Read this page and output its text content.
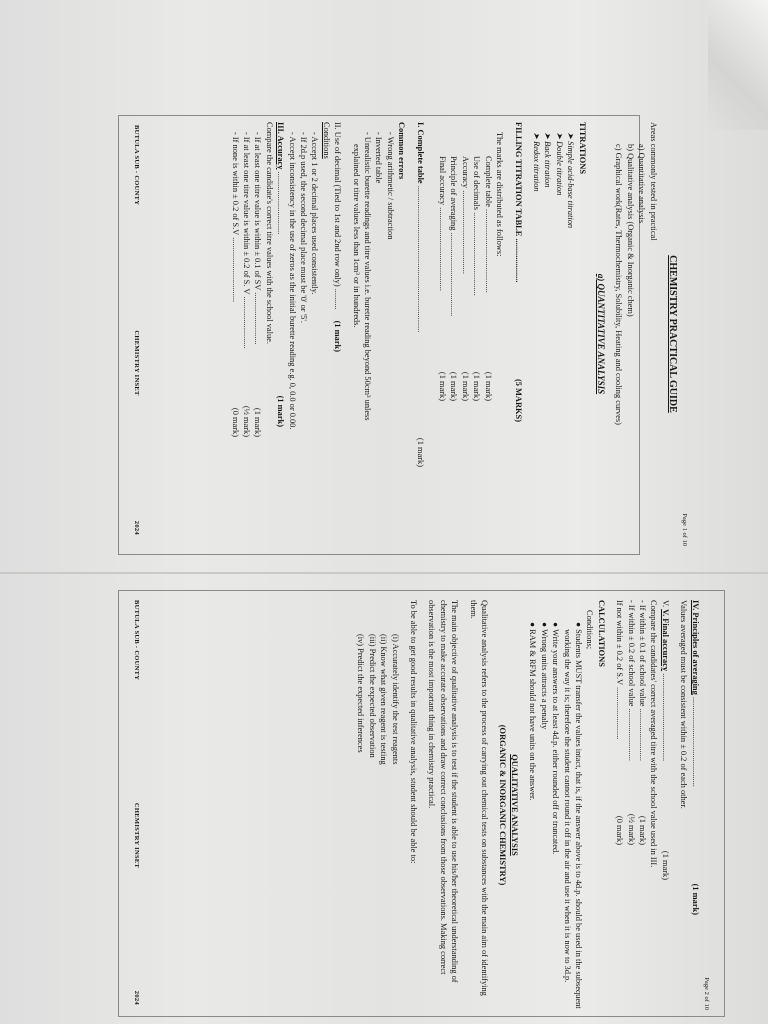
Page 1 of 10
CHEMISTRY PRACTICAL GUIDE
Areas commonly tested in practical
a) Quantitative analysis
b) Qualitative analysis (Organic & Inorganic chem)
c) Graphical work(Rates, Thermochemistry, Solubility, Heating and cooling curves)
a) QUANTITATIVE ANALYSIS
TITRATIONS
➤ Simple acid-base titration
➤ Double titration
➤ Back titration
➤ Redox titration
FILLING TITRATION TABLE .....................
(5 MARKS)
The marks are distributed as follows:
Complete table ........................................
(1 mark)
Use of decimals ........................................
(1 mark)
Accuracy ........................................
(1 mark)
Principle of averaging ........................................
(1 mark)
Final accuracy ........................................
(1 mark)
I. Complete table ......................................................................
(1 mark)
Common errors
- Wrong arithmetic / subtraction
- Inverted table
- Unrealistic burette readings and titre values i.e. burette reading beyond 50cm³ unless
explained or titre values less than 1cm³ or in hundreds.
II. Use of decimal (Tied to 1st and 2nd row only) ..........
(1 mark)
Conditions
- Accept 1 or 2 decimal places used consistently.
- If 2d.p used, the second decimal place must be '0' or '5'.
- Accept inconsistency in the use of zeros as the initial burette reading e.g. 0, 0.0 or 0.00.
III. Accuracy ..............................
(1 mark)
Compare the candidate's correct titre values with the school value.
- If at least one titre value is within ± 0.1 of SV .........................
(1 mark)
- If at least one titre value is within ± 0.2 of S. V .........................
(½ mark)
- If none is within ± 0.2 of S.V ...............................
(0 mark)
BUTULA SUB - COUNTY
CHEMISTRY INSET
2024
Page 2 of 10
IV. Principles of averaging ...........................................
(1 mark)
Values averaged must be consistent within ± 0.2 of each other.
V. V. Final accuracy ..........................................
(1 mark)
Compare the candidates' correct averaged titre with the school value used in III.
- If within ± 0.1 of school value .........................
(1 mark)
- If within ± 0.2 of school value .........................
(½ mark)
If not within ± 0.2 of S.V .........................
(0 mark)
CALCULATIONS
Conditions;
●
Students MUST transfer the values intact, that is, if the answer above is to 4d.p. should be used in the subsequent working the way it is; therefore the student cannot round it off in the air and use it when it is now to 3d.p.
●
Write your answers to at least 4d.p. either rounded off or truncated.
●
Wrong units attracts a penalty
●
RAM & RFM should not have units on the answer.
QUALITATIVE ANALYSIS
(ORGANIC & INORGANIC CHEMISTRY)
Qualitative analysis refers to the process of carrying out chemical tests on substances with the main aim of identifying them.
The main objective of qualitative analysis is to test if the student is able to use his/her theoretical understanding of chemistry to make accurate observations and draw correct conclusions from those observations. Making correct observation is the most important thing in chemistry practical.
To be able to get good results in qualitative analysis, student should be able to:
(i) Accurately identify the test reagents
(ii) Know what given reagent is testing
(iii) Predict the expected observation
(iv) Predict the expected inferences
BUTULA SUB - COUNTY
CHEMISTRY INSET
2024
